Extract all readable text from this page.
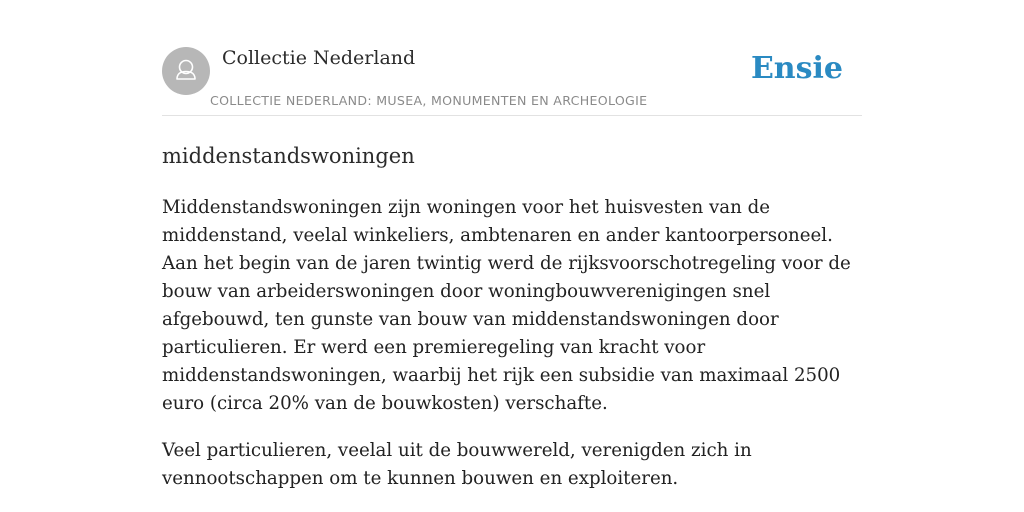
Collectie Nederland
COLLECTIE NEDERLAND: MUSEA, MONUMENTEN EN ARCHEOLOGIE
Ensie
middenstandswoningen

Middenstandswoningen zijn woningen voor het huisvesten van de middenstand, veelal winkeliers, ambtenaren en ander kantoorpersoneel. Aan het begin van de jaren twintig werd de rijksvoorschotregeling voor de bouw van arbeiderswoningen door woningbouwverenigingen snel afgebouwd, ten gunste van bouw van middenstandswoningen door particulieren. Er werd een premieregeling van kracht voor middenstandswoningen, waarbij het rijk een subsidie van maximaal 2500 euro (circa 20% van de bouwkosten) verschafte.

Veel particulieren, veelal uit de bouwwereld, verenigden zich in vennootschappen om te kunnen bouwen en exploiteren.
